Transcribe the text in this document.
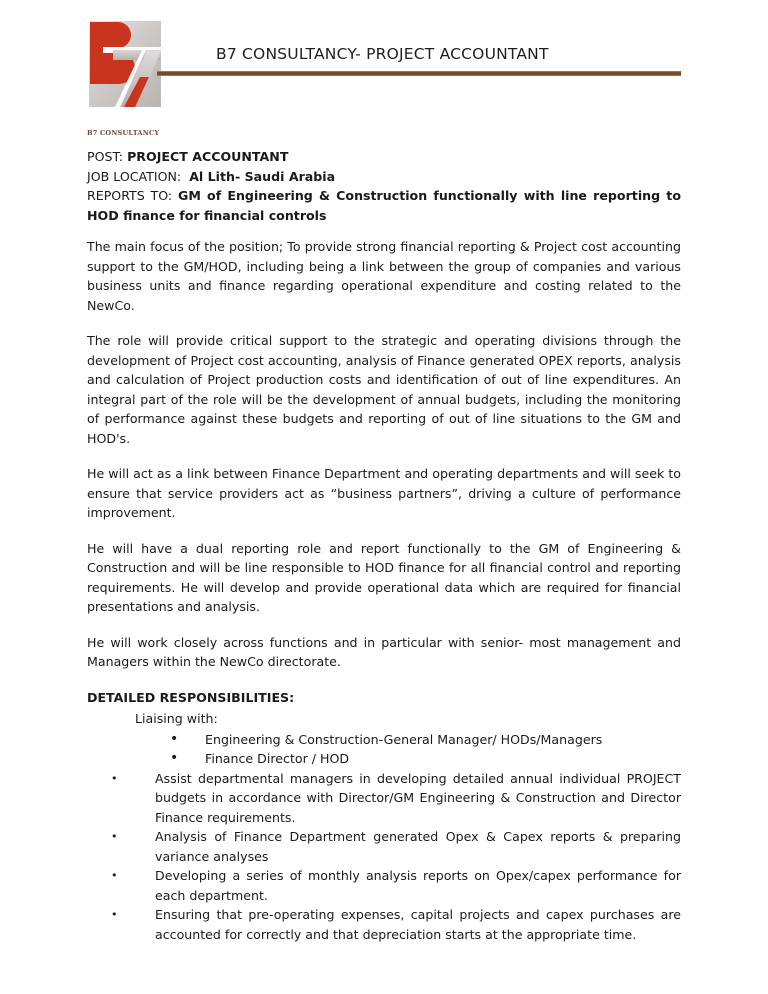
B7 CONSULTANCY
B7 CONSULTANCY- PROJECT ACCOUNTANT
POST: PROJECT ACCOUNTANT
JOB LOCATION: Al Lith- Saudi Arabia
REPORTS TO: GM of Engineering & Construction functionally with line reporting to HOD finance for financial controls

The main focus of the position; To provide strong financial reporting & Project cost accounting support to the GM/HOD, including being a link between the group of companies and various business units and finance regarding operational expenditure and costing related to the NewCo.

The role will provide critical support to the strategic and operating divisions through the development of Project cost accounting, analysis of Finance generated OPEX reports, analysis and calculation of Project production costs and identification of out of line expenditures. An integral part of the role will be the development of annual budgets, including the monitoring of performance against these budgets and reporting of out of line situations to the GM and HOD's.

He will act as a link between Finance Department and operating departments and will seek to ensure that service providers act as “business partners”, driving a culture of performance improvement.

He will have a dual reporting role and report functionally to the GM of Engineering & Construction and will be line responsible to HOD finance for all financial control and reporting requirements. He will develop and provide operational data which are required for financial presentations and analysis.

He will work closely across functions and in particular with senior- most management and Managers within the NewCo directorate.

DETAILED RESPONSIBILITIES:
Liaising with:
• Engineering & Construction-General Manager/ HODs/Managers
• Finance Director / HOD
•	Assist departmental managers in developing detailed annual individual PROJECT budgets in accordance with Director/GM Engineering & Construction and Director Finance requirements.
•	Analysis of Finance Department generated Opex & Capex reports & preparing variance analyses
•	Developing a series of monthly analysis reports on Opex/capex performance for each department.
•	Ensuring that pre-operating expenses, capital projects and capex purchases are accounted for correctly and that depreciation starts at the appropriate time.
